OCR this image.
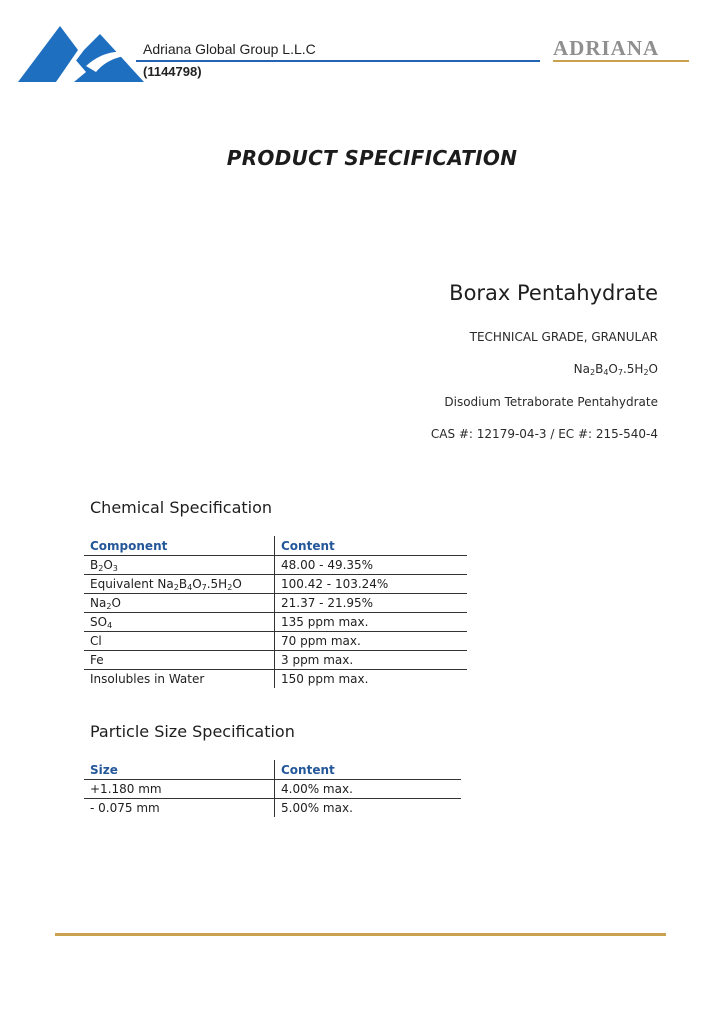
Adriana Global Group L.L.C
(1144798)
ADRIANA
PRODUCT SPECIFICATION
Borax Pentahydrate
TECHNICAL GRADE, GRANULAR
$Na_2B_4O_7.5H_2O$
Disodium Tetraborate Pentahydrate
CAS #: 12179-04-3 / EC #: 215-540-4
Chemical Specification
Component	Content
$B_2O_3$	48.00 - 49.35%
Equivalent $Na_2B_4O_7.5H_2O$	100.42 - 103.24%
$Na_2O$	21.37 - 21.95%
$SO_4$	135 ppm max.
Cl	70 ppm max.
Fe	3 ppm max.
Insolubles in Water	150 ppm max.
Particle Size Specification
Size	Content
+1.180 mm	4.00% max.
- 0.075 mm	5.00% max.
